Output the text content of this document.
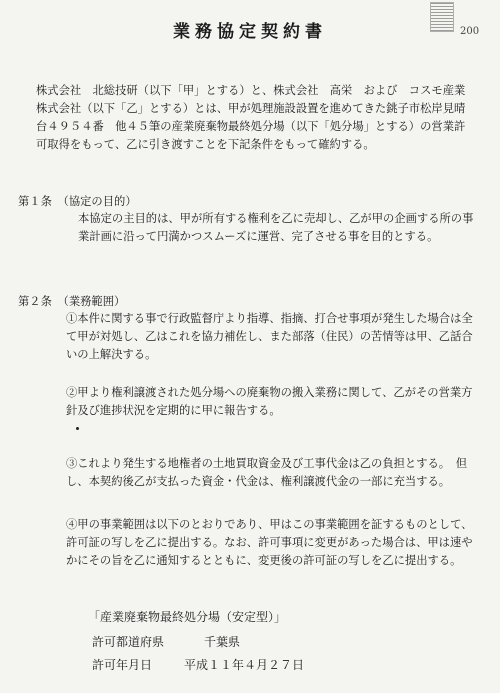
200
業務協定契約書

株式会社　北総技研（以下「甲」とする）と、株式会社　高栄　および　コスモ産業株式会社（以下「乙」とする）とは、甲が処理施設設置を進めてきた銚子市松岸見晴台４９５４番　他４５筆の産業廃棄物最終処分場（以下「処分場」とする）の営業許可取得をもって、乙に引き渡すことを下記条件をもって確約する。

第１条　（協定の目的）

本協定の主目的は、甲が所有する権利を乙に売却し、乙が甲の企画する所の事業計画に沿って円満かつスムーズに運営、完了させる事を目的とする。

第２条　（業務範囲）

①本件に関する事で行政監督庁より指導、指摘、打合せ事項が発生した場合は全て甲が対処し、乙はこれを協力補佐し、また部落（住民）の苦情等は甲、乙話合いの上解決する。

②甲より権利譲渡された処分場への廃棄物の搬入業務に関して、乙がその営業方針及び進捗状況を定期的に甲に報告する。

③これより発生する地権者の土地買取資金及び工事代金は乙の負担とする。　但し、本契約後乙が支払った資金・代金は、権利譲渡代金の一部に充当する。

④甲の事業範囲は以下のとおりであり、甲はこの事業範囲を証するものとして、許可証の写しを乙に提出する。なお、許可事項に変更があった場合は、甲は速やかにその旨を乙に通知するとともに、変更後の許可証の写しを乙に提出する。

「産業廃棄物最終処分場（安定型）」
許可都道府県	千葉県
許可年月日	平成１１年４月２７日
